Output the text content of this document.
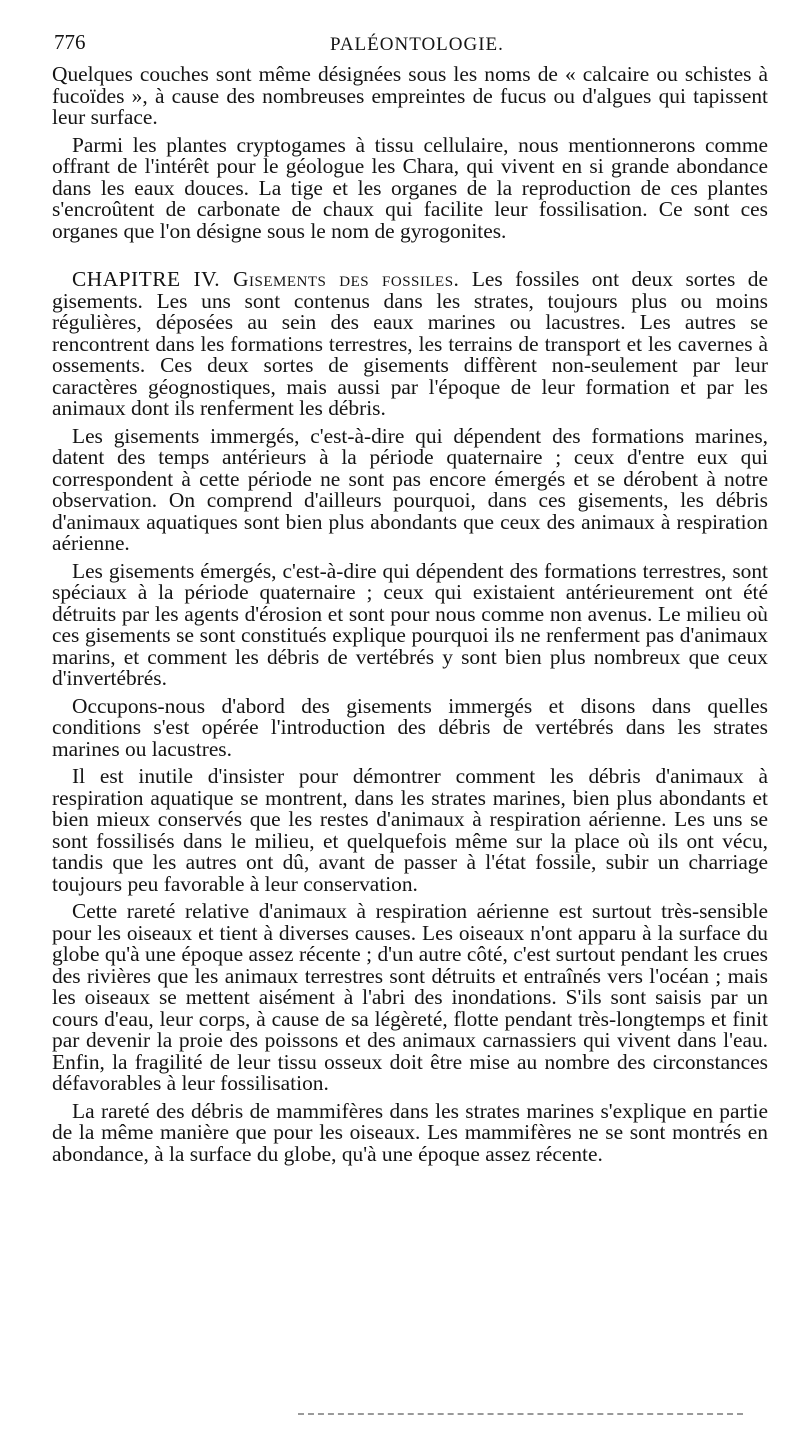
776	PALÉONTOLOGIE.

Quelques couches sont même désignées sous les noms de « calcaire ou schistes à fucoïdes », à cause des nombreuses empreintes de fucus ou d'algues qui tapissent leur surface.

Parmi les plantes cryptogames à tissu cellulaire, nous mentionnerons comme offrant de l'intérêt pour le géologue les Chara, qui vivent en si grande abondance dans les eaux douces. La tige et les organes de la reproduction de ces plantes s'encroûtent de carbonate de chaux qui facilite leur fossilisation. Ce sont ces organes que l'on désigne sous le nom de gyrogonites.

CHAPITRE IV. Gisements des fossiles. Les fossiles ont deux sortes de gisements. Les uns sont contenus dans les strates, toujours plus ou moins régulières, déposées au sein des eaux marines ou lacustres. Les autres se rencontrent dans les formations terrestres, les terrains de transport et les cavernes à ossements. Ces deux sortes de gisements diffèrent non-seulement par leur caractères géognostiques, mais aussi par l'époque de leur formation et par les animaux dont ils renferment les débris.

Les gisements immergés, c'est-à-dire qui dépendent des formations marines, datent des temps antérieurs à la période quaternaire ; ceux d'entre eux qui correspondent à cette période ne sont pas encore émergés et se dérobent à notre observation. On comprend d'ailleurs pourquoi, dans ces gisements, les débris d'animaux aquatiques sont bien plus abondants que ceux des animaux à respiration aérienne.

Les gisements émergés, c'est-à-dire qui dépendent des formations terrestres, sont spéciaux à la période quaternaire ; ceux qui existaient antérieurement ont été détruits par les agents d'érosion et sont pour nous comme non avenus. Le milieu où ces gisements se sont constitués explique pourquoi ils ne renferment pas d'animaux marins, et comment les débris de vertébrés y sont bien plus nombreux que ceux d'invertébrés.

Occupons-nous d'abord des gisements immergés et disons dans quelles conditions s'est opérée l'introduction des débris de vertébrés dans les strates marines ou lacustres.

Il est inutile d'insister pour démontrer comment les débris d'animaux à respiration aquatique se montrent, dans les strates marines, bien plus abondants et bien mieux conservés que les restes d'animaux à respiration aérienne. Les uns se sont fossilisés dans le milieu, et quelquefois même sur la place où ils ont vécu, tandis que les autres ont dû, avant de passer à l'état fossile, subir un charriage toujours peu favorable à leur conservation.

Cette rareté relative d'animaux à respiration aérienne est surtout très-sensible pour les oiseaux et tient à diverses causes. Les oiseaux n'ont apparu à la surface du globe qu'à une époque assez récente ; d'un autre côté, c'est surtout pendant les crues des rivières que les animaux terrestres sont détruits et entraînés vers l'océan ; mais les oiseaux se mettent aisément à l'abri des inondations. S'ils sont saisis par un cours d'eau, leur corps, à cause de sa légèreté, flotte pendant très-longtemps et finit par devenir la proie des poissons et des animaux carnassiers qui vivent dans l'eau. Enfin, la fragilité de leur tissu osseux doit être mise au nombre des circonstances défavorables à leur fossilisation.

La rareté des débris de mammifères dans les strates marines s'explique en partie de la même manière que pour les oiseaux. Les mammifères ne se sont montrés en abondance, à la surface du globe, qu'à une époque assez récente.
